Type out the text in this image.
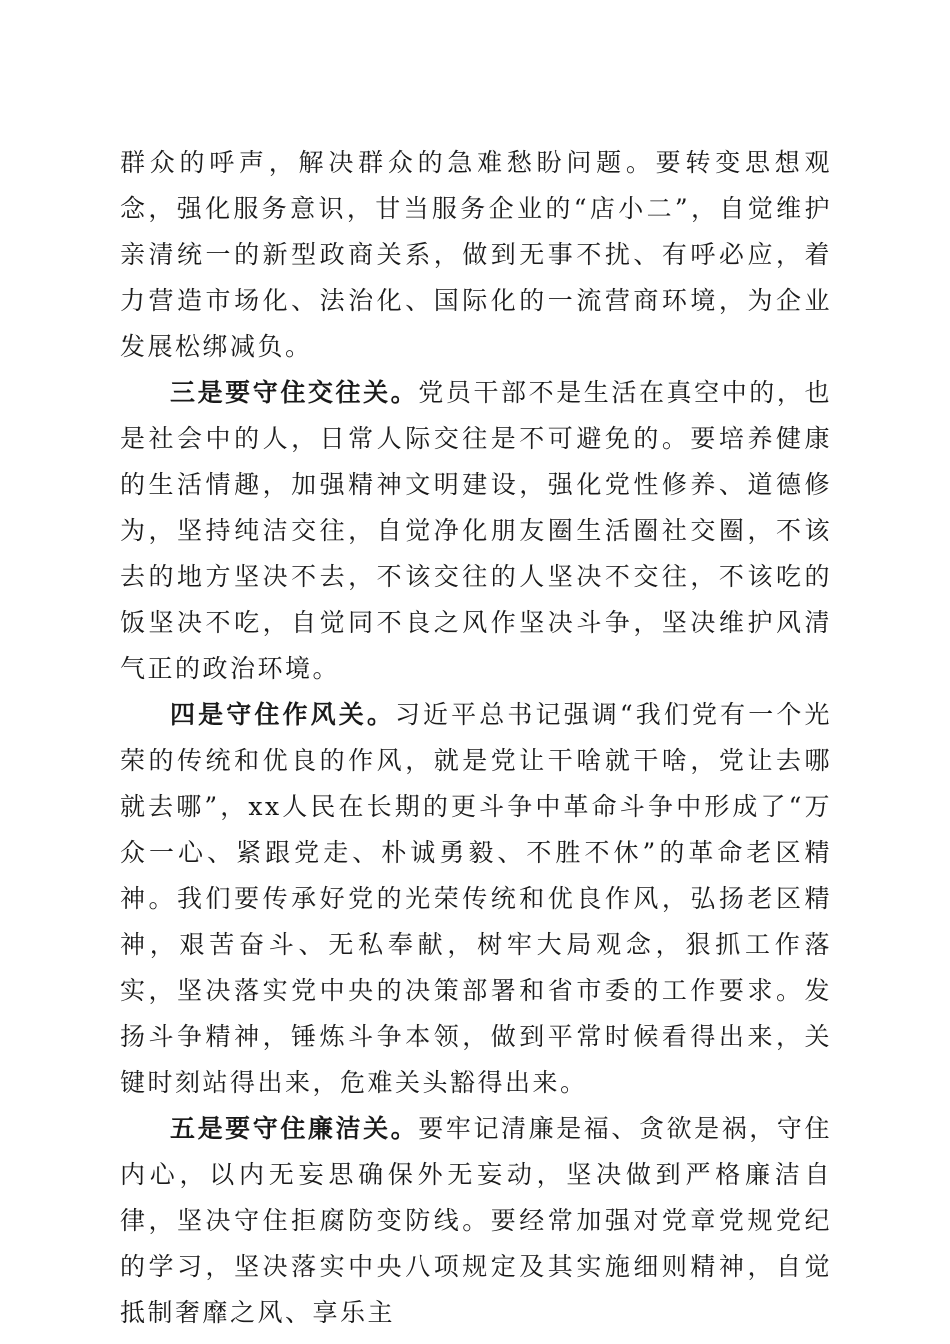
群众的呼声，解决群众的急难愁盼问题。要转变思想观念，强化服务意识，甘当服务企业的“店小二”，自觉维护亲清统一的新型政商关系，做到无事不扰、有呼必应，着力营造市场化、法治化、国际化的一流营商环境，为企业发展松绑减负。

三是要守住交往关。党员干部不是生活在真空中的，也是社会中的人，日常人际交往是不可避免的。要培养健康的生活情趣，加强精神文明建设，强化党性修养、道德修为，坚持纯洁交往，自觉净化朋友圈生活圈社交圈，不该去的地方坚决不去，不该交往的人坚决不交往，不该吃的饭坚决不吃，自觉同不良之风作坚决斗争，坚决维护风清气正的政治环境。

四是守住作风关。习近平总书记强调“我们党有一个光荣的传统和优良的作风，就是党让干啥就干啥，党让去哪就去哪”，xx人民在长期的更斗争中革命斗争中形成了“万众一心、紧跟党走、朴诚勇毅、不胜不休”的革命老区精神。我们要传承好党的光荣传统和优良作风，弘扬老区精神，艰苦奋斗、无私奉献，树牢大局观念，狠抓工作落实，坚决落实党中央的决策部署和省市委的工作要求。发扬斗争精神，锤炼斗争本领，做到平常时候看得出来，关键时刻站得出来，危难关头豁得出来。

五是要守住廉洁关。要牢记清廉是福、贪欲是祸，守住内心，以内无妄思确保外无妄动，坚决做到严格廉洁自律，坚决守住拒腐防变防线。要经常加强对党章党规党纪的学习，坚决落实中央八项规定及其实施细则精神，自觉抵制奢靡之风、享乐主
